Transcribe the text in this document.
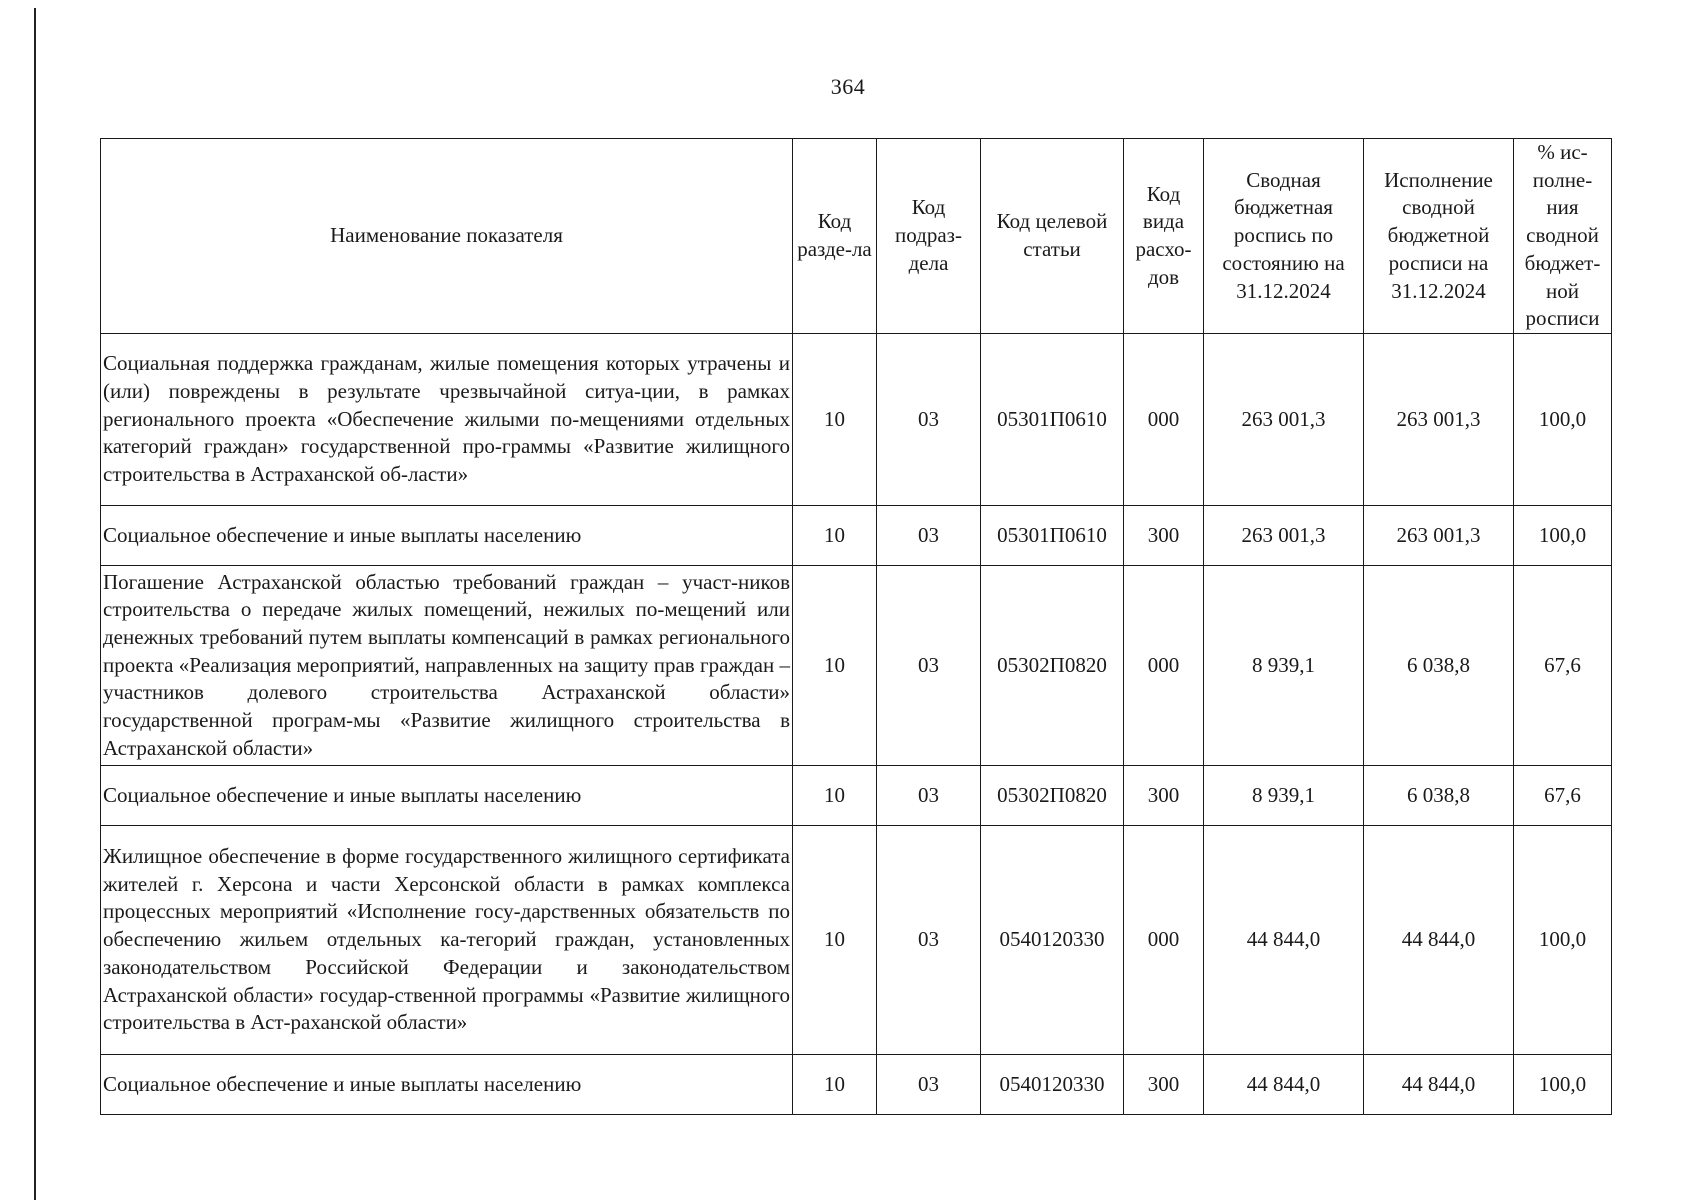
364
Наименование показателя	Код разде-ла	Код подраз-дела	Код целевой статьи	Код вида расхо-дов	Сводная бюджетная роспись по состоянию на 31.12.2024	Исполнение сводной бюджетной росписи на 31.12.2024	% ис-полне-ния сводной бюджет-ной росписи
Социальная поддержка гражданам, жилые помещения которых утрачены и (или) повреждены в результате чрезвычайной ситуа-ции, в рамках регионального проекта «Обеспечение жилыми по-мещениями отдельных категорий граждан» государственной про-граммы «Развитие жилищного строительства в Астраханской об-ласти»	10	03	05301П0610	000	263 001,3	263 001,3	100,0
Социальное обеспечение и иные выплаты населению	10	03	05301П0610	300	263 001,3	263 001,3	100,0
Погашение Астраханской областью требований граждан – участ-ников строительства о передаче жилых помещений, нежилых по-мещений или денежных требований путем выплаты компенсаций в рамках регионального проекта «Реализация мероприятий, направленных на защиту прав граждан – участников долевого строительства Астраханской области» государственной програм-мы «Развитие жилищного строительства в Астраханской области»	10	03	05302П0820	000	8 939,1	6 038,8	67,6
Социальное обеспечение и иные выплаты населению	10	03	05302П0820	300	8 939,1	6 038,8	67,6
Жилищное обеспечение в форме государственного жилищного сертификата жителей г. Херсона и части Херсонской области в рамках комплекса процессных мероприятий «Исполнение госу-дарственных обязательств по обеспечению жильем отдельных ка-тегорий граждан, установленных законодательством Российской Федерации и законодательством Астраханской области» государ-ственной программы «Развитие жилищного строительства в Аст-раханской области»	10	03	0540120330	000	44 844,0	44 844,0	100,0
Социальное обеспечение и иные выплаты населению	10	03	0540120330	300	44 844,0	44 844,0	100,0
